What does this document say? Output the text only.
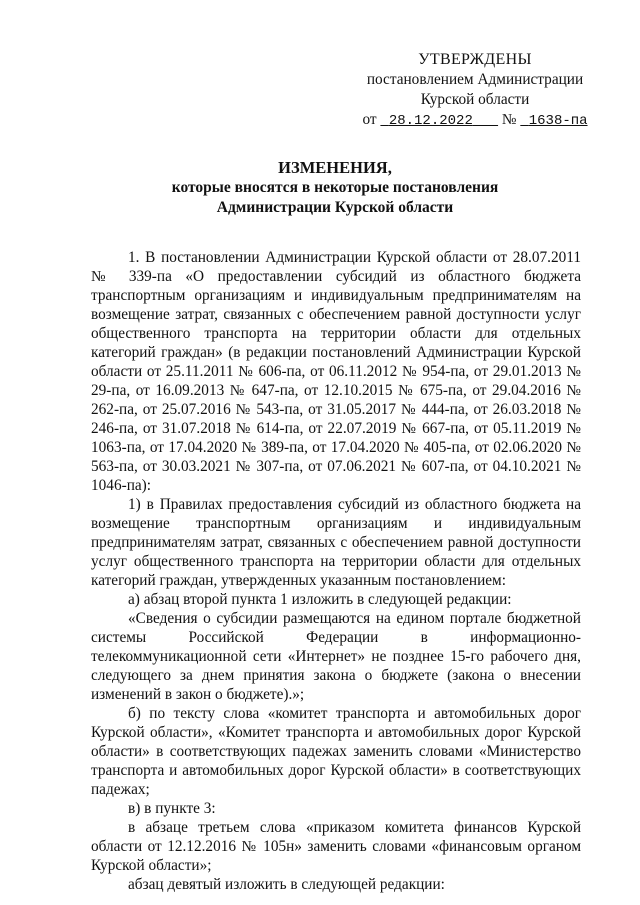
УТВЕРЖДЕНЫ
постановлением Администрации
Курской области
от 28.12.2022 № 1638-па
ИЗМЕНЕНИЯ,
которые вносятся в некоторые постановления
Администрации Курской области

1. В постановлении Администрации Курской области от 28.07.2011 № 339-па «О предоставлении субсидий из областного бюджета транспортным организациям и индивидуальным предпринимателям на возмещение затрат, связанных с обеспечением равной доступности услуг общественного транспорта на территории области для отдельных категорий граждан» (в редакции постановлений Администрации Курской области от 25.11.2011 № 606-па, от 06.11.2012 № 954-па, от 29.01.2013 № 29-па, от 16.09.2013 № 647-па, от 12.10.2015 № 675-па, от 29.04.2016 № 262-па, от 25.07.2016 № 543-па, от 31.05.2017 № 444-па, от 26.03.2018 № 246-па, от 31.07.2018 № 614-па, от 22.07.2019 № 667-па, от 05.11.2019 № 1063-па, от 17.04.2020 № 389-па, от 17.04.2020 № 405-па, от 02.06.2020 № 563-па, от 30.03.2021 № 307-па, от 07.06.2021 № 607-па, от 04.10.2021 № 1046-па):

1) в Правилах предоставления субсидий из областного бюджета на возмещение транспортным организациям и индивидуальным предпринимателям затрат, связанных с обеспечением равной доступности услуг общественного транспорта на территории области для отдельных категорий граждан, утвержденных указанным постановлением:

а) абзац второй пункта 1 изложить в следующей редакции:

«Сведения о субсидии размещаются на едином портале бюджетной системы Российской Федерации в информационно-телекоммуникационной сети «Интернет» не позднее 15-го рабочего дня, следующего за днем принятия закона о бюджете (закона о внесении изменений в закон о бюджете).»;

б) по тексту слова «комитет транспорта и автомобильных дорог Курской области», «Комитет транспорта и автомобильных дорог Курской области» в соответствующих падежах заменить словами «Министерство транспорта и автомобильных дорог Курской области» в соответствующих падежах;

в) в пункте 3:

в абзаце третьем слова «приказом комитета финансов Курской области от 12.12.2016 № 105н» заменить словами «финансовым органом Курской области»;

абзац девятый изложить в следующей редакции:
